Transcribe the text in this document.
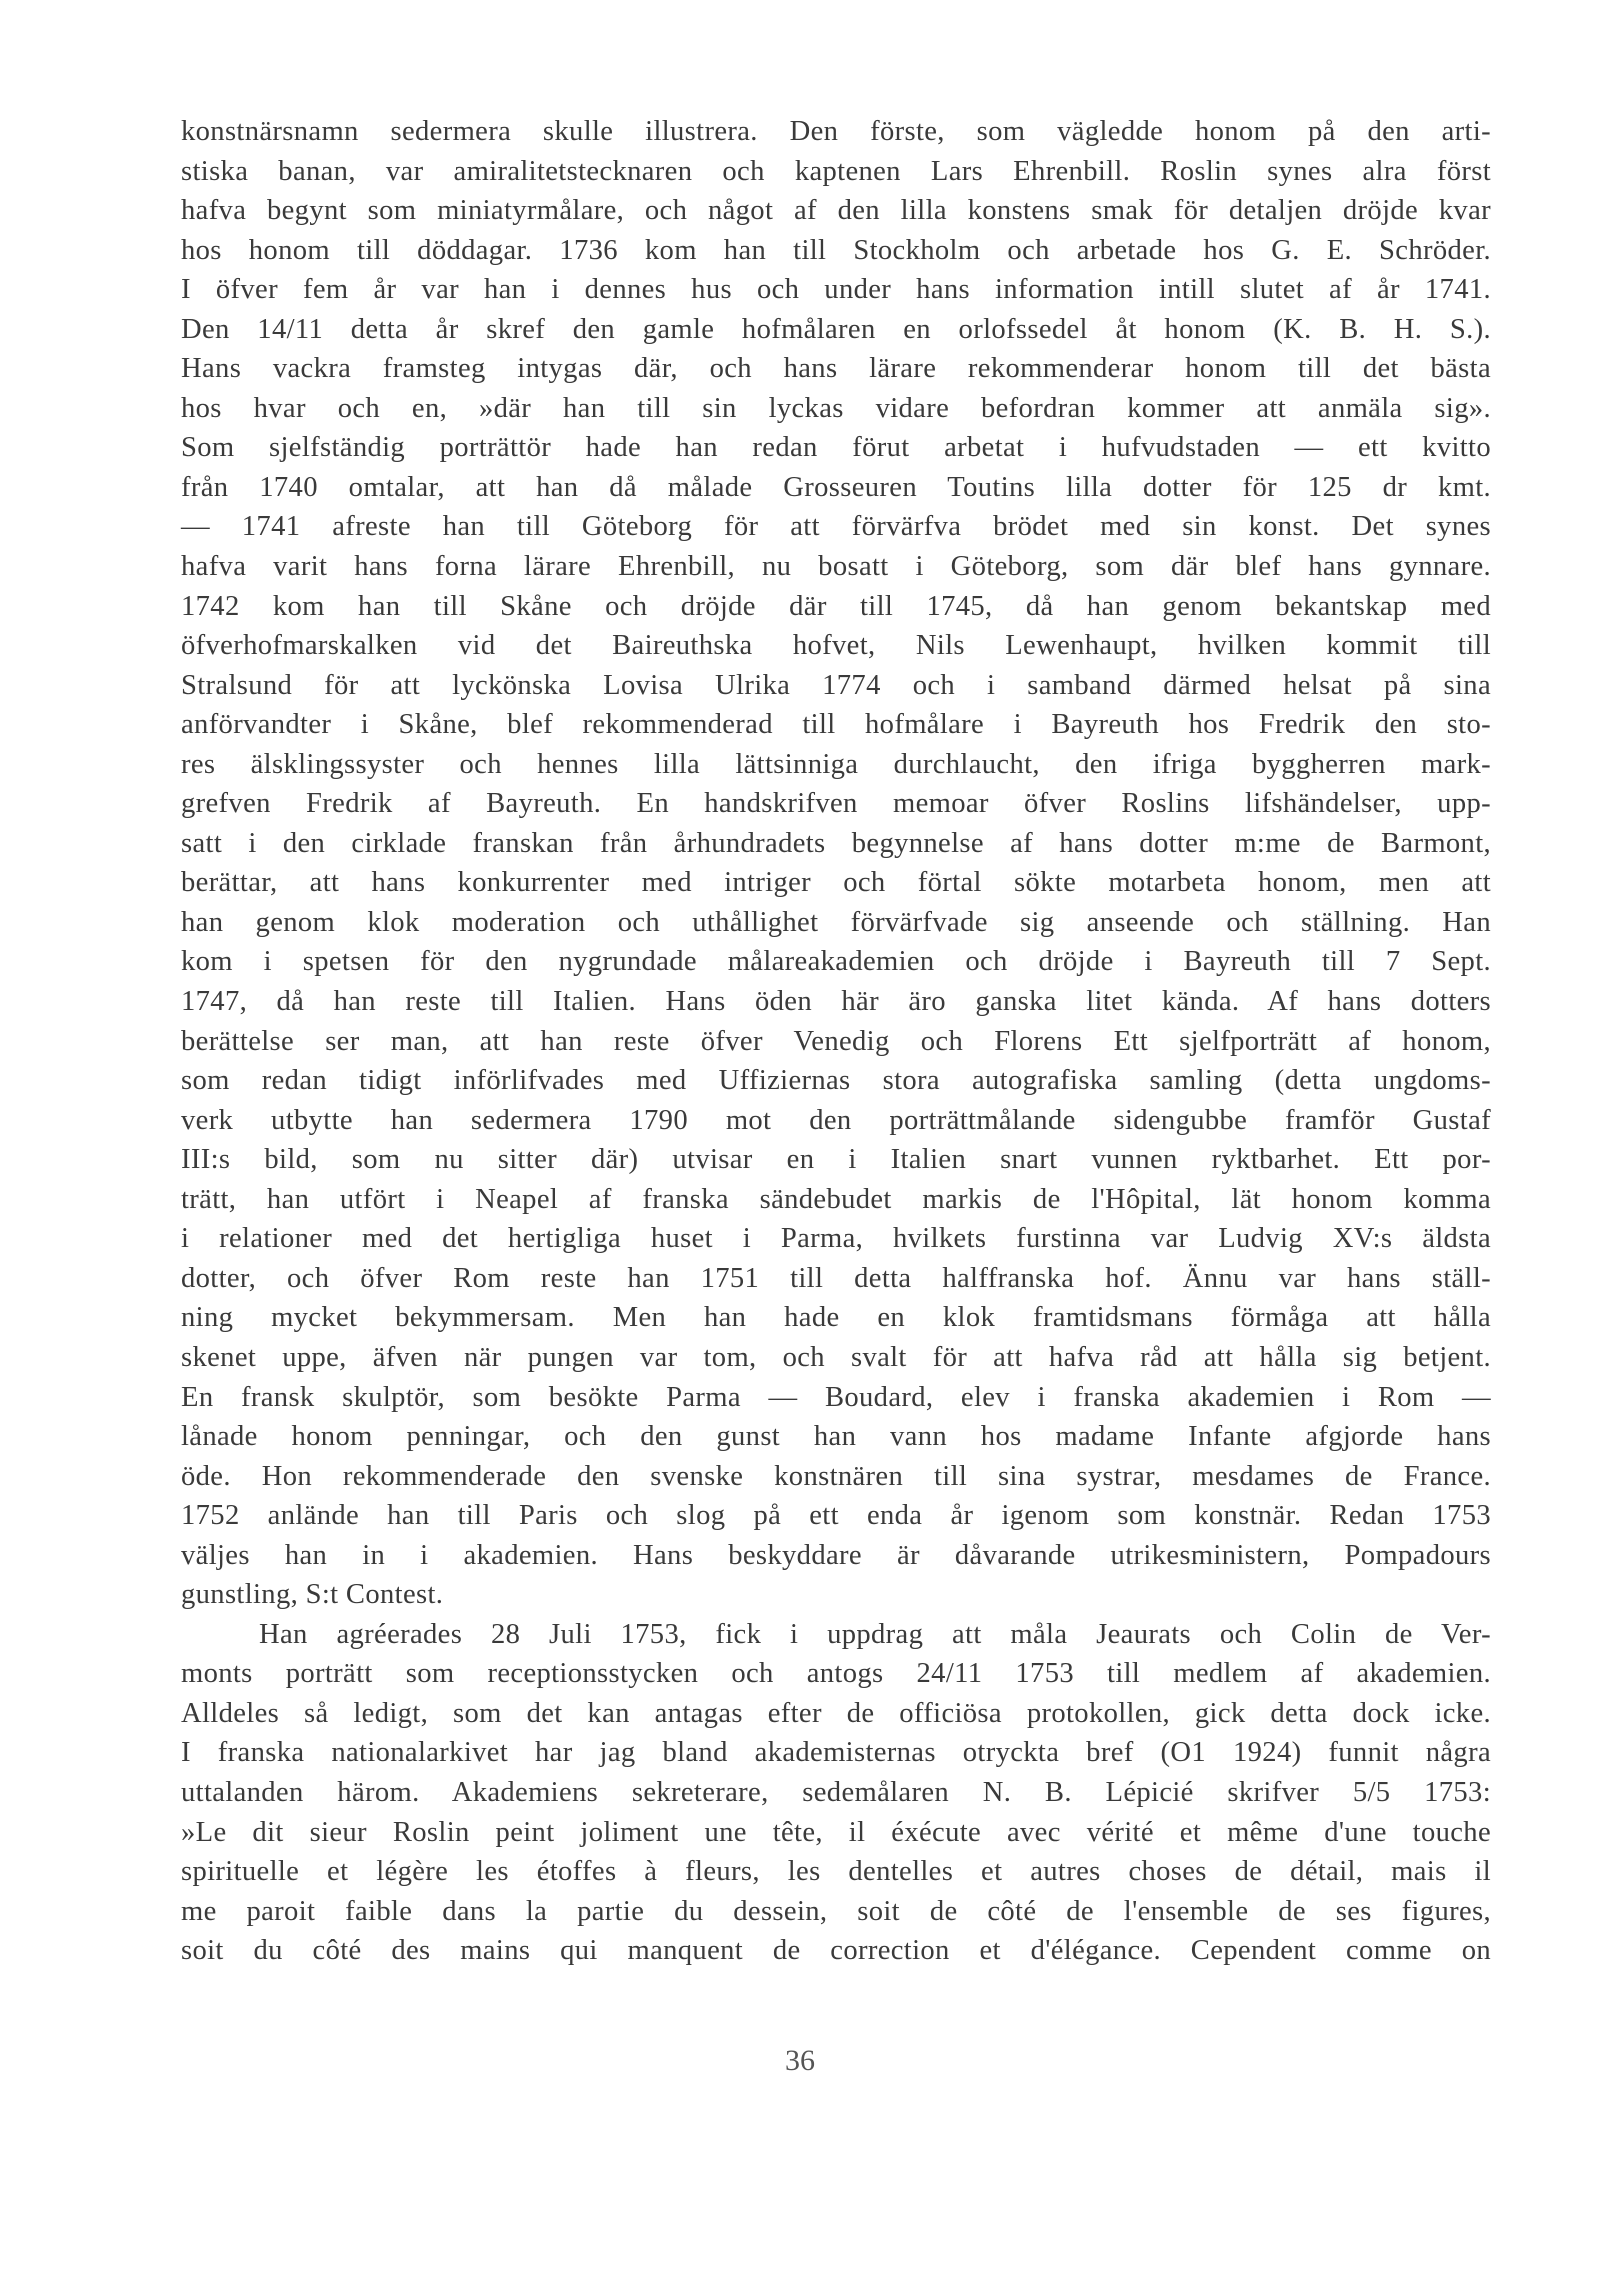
konstnärsnamn sedermera skulle illustrera. Den förste, som vägledde honom på den arti-
stiska banan, var amiralitetstecknaren och kaptenen Lars Ehrenbill. Roslin synes alra först
hafva begynt som miniatyrmålare, och något af den lilla konstens smak för detaljen dröjde kvar
hos honom till döddagar. 1736 kom han till Stockholm och arbetade hos G. E. Schröder.
I öfver fem år var han i dennes hus och under hans information intill slutet af år 1741.
Den 14/11 detta år skref den gamle hofmålaren en orlofssedel åt honom (K. B. H. S.).
Hans vackra framsteg intygas där, och hans lärare rekommenderar honom till det bästa
hos hvar och en, »där han till sin lyckas vidare befordran kommer att anmäla sig».
Som sjelfständig porträttör hade han redan förut arbetat i hufvudstaden — ett kvitto
från 1740 omtalar, att han då målade Grosseuren Toutins lilla dotter för 125 dr kmt.
— 1741 afreste han till Göteborg för att förvärfva brödet med sin konst. Det synes
hafva varit hans forna lärare Ehrenbill, nu bosatt i Göteborg, som där blef hans gynnare.
1742 kom han till Skåne och dröjde där till 1745, då han genom bekantskap med
öfverhofmarskalken vid det Baireuthska hofvet, Nils Lewenhaupt, hvilken kommit till
Stralsund för att lyckönska Lovisa Ulrika 1774 och i samband därmed helsat på sina
anförvandter i Skåne, blef rekommenderad till hofmålare i Bayreuth hos Fredrik den sto-
res älsklingssyster och hennes lilla lättsinniga durchlaucht, den ifriga byggherren mark-
grefven Fredrik af Bayreuth. En handskrifven memoar öfver Roslins lifshändelser, upp-
satt i den cirklade franskan från århundradets begynnelse af hans dotter m:me de Barmont,
berättar, att hans konkurrenter med intriger och förtal sökte motarbeta honom, men att
han genom klok moderation och uthållighet förvärfvade sig anseende och ställning. Han
kom i spetsen för den nygrundade målareakademien och dröjde i Bayreuth till 7 Sept.
1747, då han reste till Italien. Hans öden här äro ganska litet kända. Af hans dotters
berättelse ser man, att han reste öfver Venedig och Florens Ett sjelfporträtt af honom,
som redan tidigt införlifvades med Uffiziernas stora autografiska samling (detta ungdoms-
verk utbytte han sedermera 1790 mot den porträttmålande sidengubbe framför Gustaf
III:s bild, som nu sitter där) utvisar en i Italien snart vunnen ryktbarhet. Ett por-
trätt, han utfört i Neapel af franska sändebudet markis de l'Hôpital, lät honom komma
i relationer med det hertigliga huset i Parma, hvilkets furstinna var Ludvig XV:s äldsta
dotter, och öfver Rom reste han 1751 till detta halffranska hof. Ännu var hans ställ-
ning mycket bekymmersam. Men han hade en klok framtidsmans förmåga att hålla
skenet uppe, äfven när pungen var tom, och svalt för att hafva råd att hålla sig betjent.
En fransk skulptör, som besökte Parma — Boudard, elev i franska akademien i Rom —
lånade honom penningar, och den gunst han vann hos madame Infante afgjorde hans
öde. Hon rekommenderade den svenske konstnären till sina systrar, mesdames de France.
1752 anlände han till Paris och slog på ett enda år igenom som konstnär. Redan 1753
väljes han in i akademien. Hans beskyddare är dåvarande utrikesministern, Pompadours
gunstling, S:t Contest.
Han agréerades 28 Juli 1753, fick i uppdrag att måla Jeaurats och Colin de Ver-
monts porträtt som receptionsstycken och antogs 24/11 1753 till medlem af akademien.
Alldeles så ledigt, som det kan antagas efter de officiösa protokollen, gick detta dock icke.
I franska nationalarkivet har jag bland akademisternas otryckta bref (O1 1924) funnit några
uttalanden härom. Akademiens sekreterare, sedemålaren N. B. Lépicié skrifver 5/5 1753:
»Le dit sieur Roslin peint joliment une tête, il éxécute avec vérité et même d'une touche
spirituelle et légère les étoffes à fleurs, les dentelles et autres choses de détail, mais il
me paroit faible dans la partie du dessein, soit de côté de l'ensemble de ses figures,
soit du côté des mains qui manquent de correction et d'élégance. Cependent comme on
36
